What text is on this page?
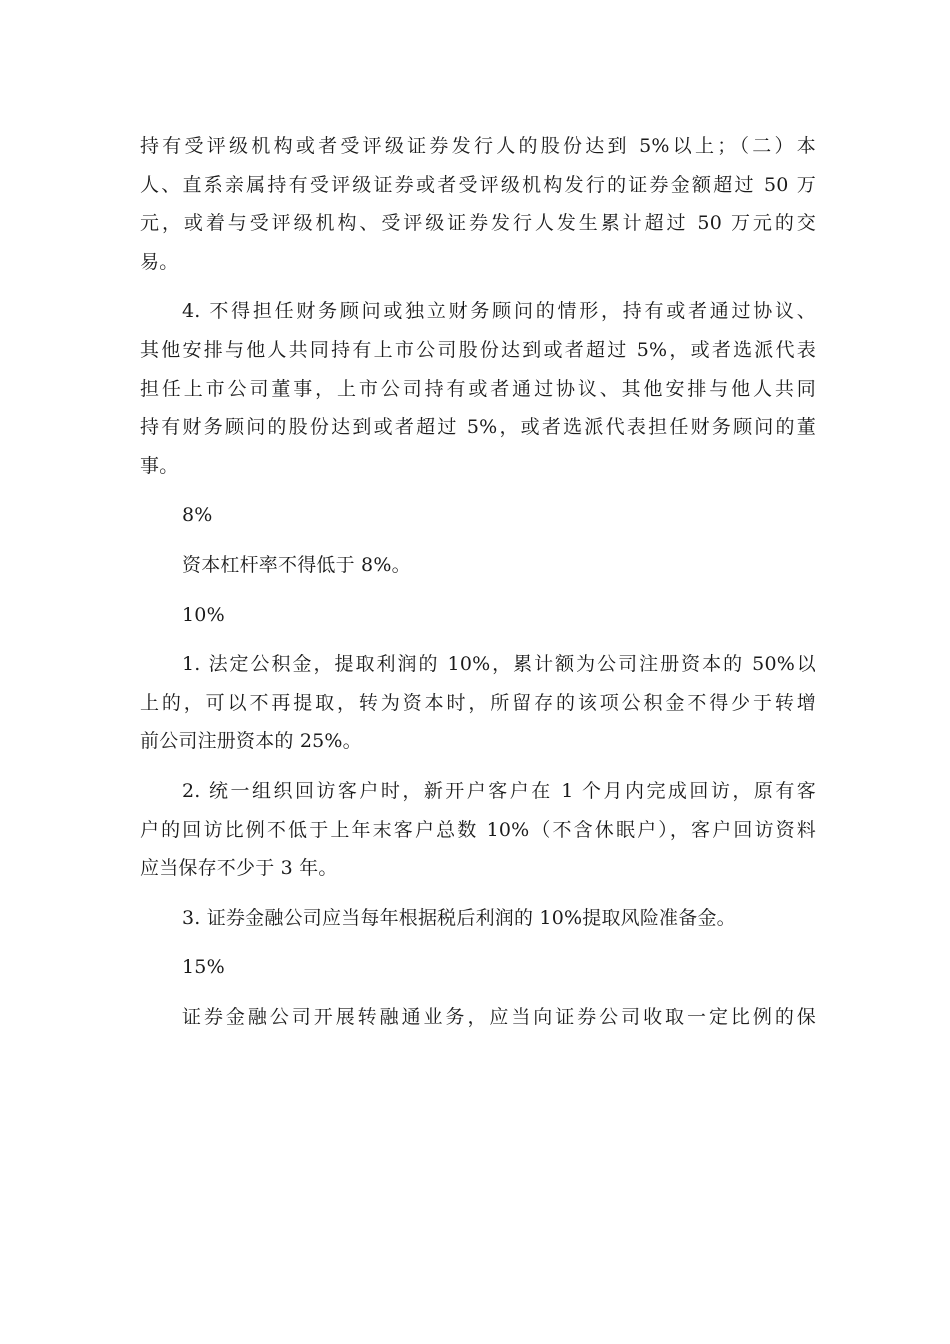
持有受评级机构或者受评级证券发行人的股份达到 5%以上；（二）本
人、直系亲属持有受评级证券或者受评级机构发行的证券金额超过 50 万
元，或着与受评级机构、受评级证券发行人发生累计超过 50 万元的交
易。

4. 不得担任财务顾问或独立财务顾问的情形，持有或者通过协议、
其他安排与他人共同持有上市公司股份达到或者超过 5%，或者选派代表
担任上市公司董事，上市公司持有或者通过协议、其他安排与他人共同
持有财务顾问的股份达到或者超过 5%，或者选派代表担任财务顾问的董
事。

8%

资本杠杆率不得低于 8%。

10%

1. 法定公积金，提取利润的 10%，累计额为公司注册资本的 50%以
上的，可以不再提取，转为资本时，所留存的该项公积金不得少于转增
前公司注册资本的 25%。

2. 统一组织回访客户时，新开户客户在 1 个月内完成回访，原有客
户的回访比例不低于上年末客户总数 10%（不含休眠户），客户回访资料
应当保存不少于 3 年。

3. 证券金融公司应当每年根据税后利润的 10%提取风险准备金。

15%

证券金融公司开展转融通业务，应当向证券公司收取一定比例的保
